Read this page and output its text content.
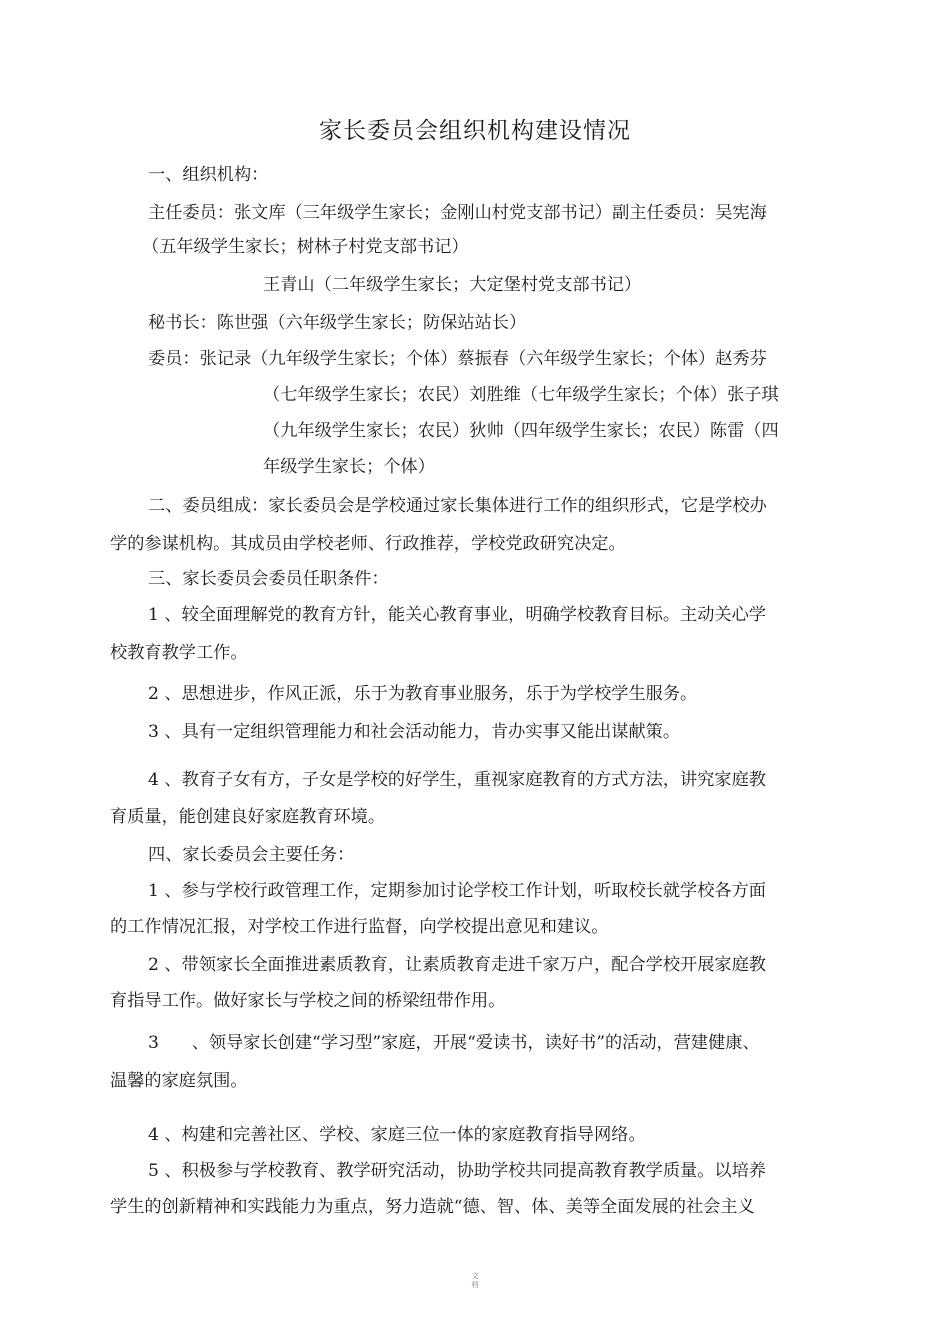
家长委员会组织机构建设情况
一、组织机构：
主任委员：张文库（三年级学生家长；金刚山村党支部书记）副主任委员：吴宪海
（五年级学生家长；树林子村党支部书记）
王青山（二年级学生家长；大定堡村党支部书记）
秘书长：陈世强（六年级学生家长；防保站站长）
委员：张记录（九年级学生家长；个体）蔡振春（六年级学生家长；个体）赵秀芬
（七年级学生家长；农民）刘胜维（七年级学生家长；个体）张子琪
（九年级学生家长；农民）狄帅（四年级学生家长；农民）陈雷（四
年级学生家长；个体）
二、委员组成：家长委员会是学校通过家长集体进行工作的组织形式，它是学校办
学的参谋机构。其成员由学校老师、行政推荐，学校党政研究决定。
三、家长委员会委员任职条件：
1 、较全面理解党的教育方针，能关心教育事业，明确学校教育目标。主动关心学
校教育教学工作。
2 、思想进步，作风正派，乐于为教育事业服务，乐于为学校学生服务。
3 、具有一定组织管理能力和社会活动能力，肯办实事又能出谋献策。
4 、教育子女有方，子女是学校的好学生，重视家庭教育的方式方法，讲究家庭教
育质量，能创建良好家庭教育环境。
四、家长委员会主要任务：
1 、参与学校行政管理工作，定期参加讨论学校工作计划，听取校长就学校各方面
的工作情况汇报，对学校工作进行监督，向学校提出意见和建议。
2 、带领家长全面推进素质教育，让素质教育走进千家万户，配合学校开展家庭教
育指导工作。做好家长与学校之间的桥梁纽带作用。
3      、领导家长创建“学习型”家庭，开展“爱读书，读好书”的活动，营建健康、
温馨的家庭氛围。
4 、构建和完善社区、学校、家庭三位一体的家庭教育指导网络。
5 、积极参与学校教育、教学研究活动，协助学校共同提高教育教学质量。以培养
学生的创新精神和实践能力为重点，努力造就“德、智、体、美等全面发展的社会主义
文
档
